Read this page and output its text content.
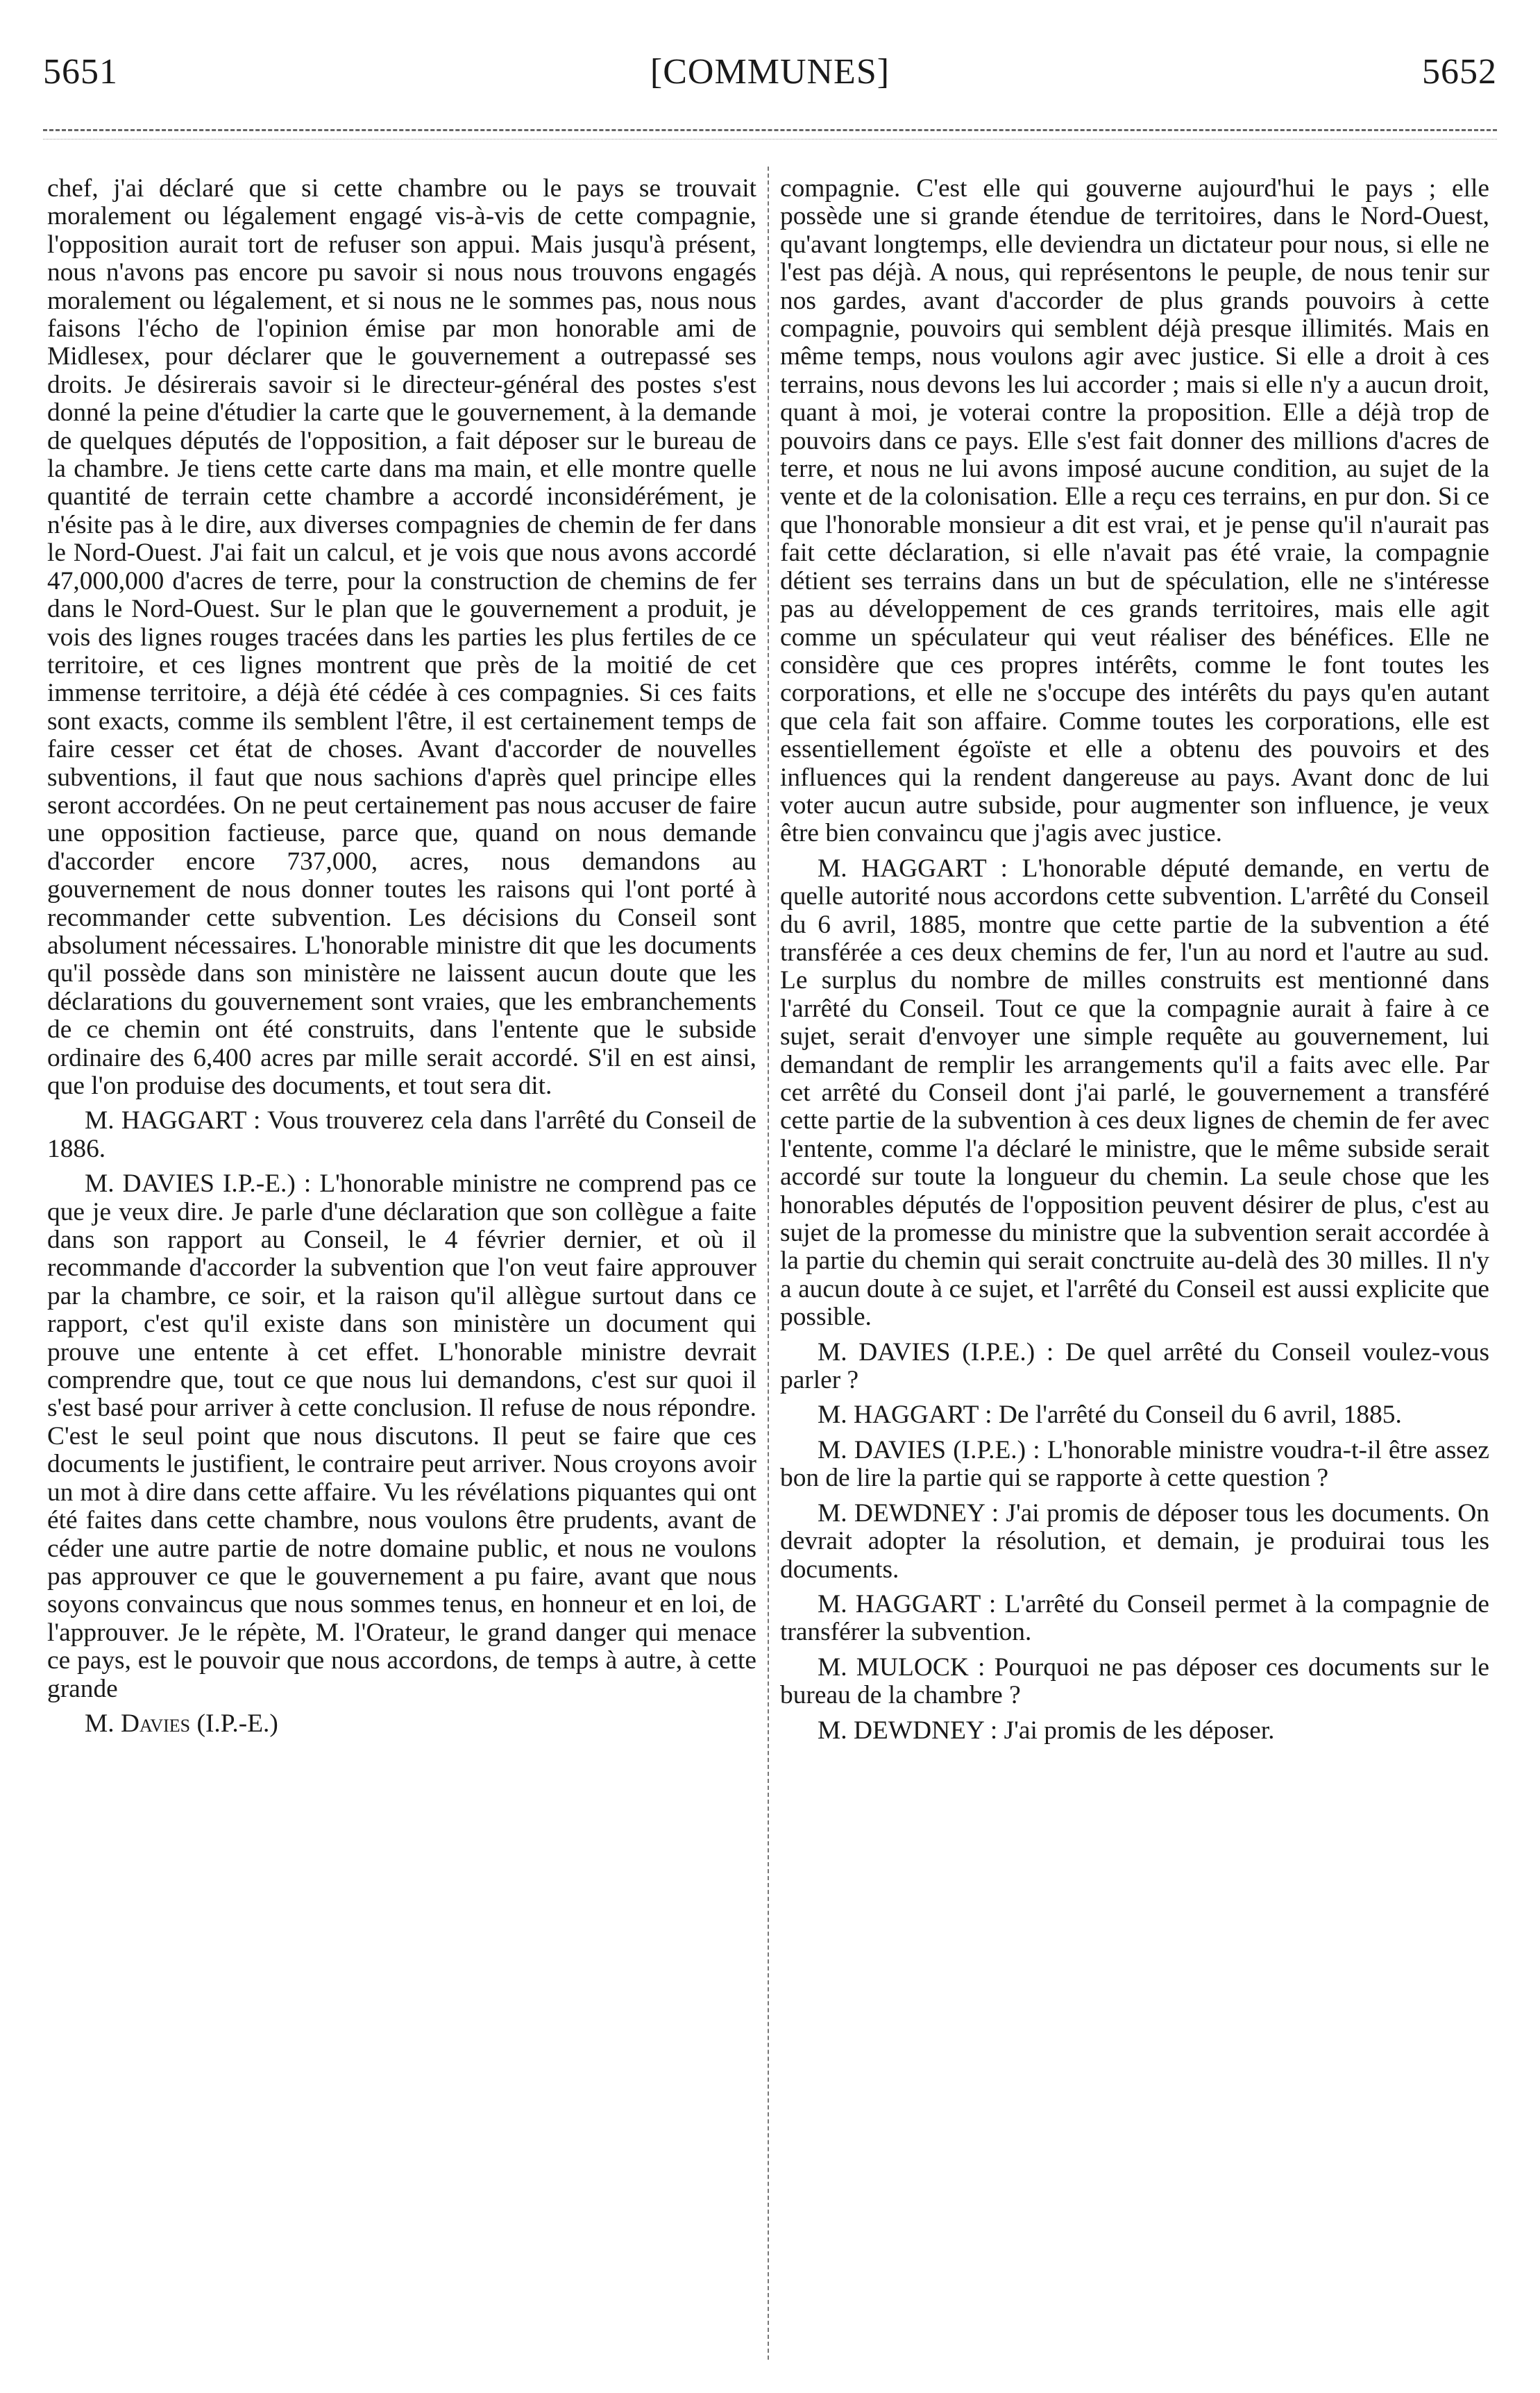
5651	[COMMUNES]	5652

chef, j'ai déclaré que si cette chambre ou le pays se trouvait moralement ou légalement engagé vis-à-vis de cette compagnie, l'opposition aurait tort de refuser son appui. Mais jusqu'à présent, nous n'avons pas encore pu savoir si nous nous trouvons engagés moralement ou légalement, et si nous ne le sommes pas, nous nous faisons l'écho de l'opinion émise par mon honorable ami de Midlesex, pour déclarer que le gouvernement a outrepassé ses droits. Je désirerais savoir si le directeur-général des postes s'est donné la peine d'étudier la carte que le gouvernement, à la demande de quelques députés de l'opposition, a fait déposer sur le bureau de la chambre. Je tiens cette carte dans ma main, et elle montre quelle quantité de terrain cette chambre a accordé inconsidérément, je n'ésite pas à le dire, aux diverses compagnies de chemin de fer dans le Nord-Ouest. J'ai fait un calcul, et je vois que nous avons accordé 47,000,000 d'acres de terre, pour la construction de chemins de fer dans le Nord-Ouest. Sur le plan que le gouvernement a produit, je vois des lignes rouges tracées dans les parties les plus fertiles de ce territoire, et ces lignes montrent que près de la moitié de cet immense territoire, a déjà été cédée à ces compagnies. Si ces faits sont exacts, comme ils semblent l'être, il est certainement temps de faire cesser cet état de choses. Avant d'accorder de nouvelles subventions, il faut que nous sachions d'après quel principe elles seront accordées. On ne peut certainement pas nous accuser de faire une opposition factieuse, parce que, quand on nous demande d'accorder encore 737,000, acres, nous demandons au gouvernement de nous donner toutes les raisons qui l'ont porté à recommander cette subvention. Les décisions du Conseil sont absolument nécessaires. L'honorable ministre dit que les documents qu'il possède dans son ministère ne laissent aucun doute que les déclarations du gouvernement sont vraies, que les embranchements de ce chemin ont été construits, dans l'entente que le subside ordinaire des 6,400 acres par mille serait accordé. S'il en est ainsi, que l'on produise des documents, et tout sera dit.

M. HAGGART : Vous trouverez cela dans l'arrêté du Conseil de 1886.

M. DAVIES I.P.-E.) : L'honorable ministre ne comprend pas ce que je veux dire. Je parle d'une déclaration que son collègue a faite dans son rapport au Conseil, le 4 février dernier, et où il recommande d'accorder la subvention que l'on veut faire approuver par la chambre, ce soir, et la raison qu'il allègue surtout dans ce rapport, c'est qu'il existe dans son ministère un document qui prouve une entente à cet effet. L'honorable ministre devrait comprendre que, tout ce que nous lui demandons, c'est sur quoi il s'est basé pour arriver à cette conclusion. Il refuse de nous répondre. C'est le seul point que nous discutons. Il peut se faire que ces documents le justifient, le contraire peut arriver. Nous croyons avoir un mot à dire dans cette affaire. Vu les révélations piquantes qui ont été faites dans cette chambre, nous voulons être prudents, avant de céder une autre partie de notre domaine public, et nous ne voulons pas approuver ce que le gouvernement a pu faire, avant que nous soyons convaincus que nous sommes tenus, en honneur et en loi, de l'approuver. Je le répète, M. l'Orateur, le grand danger qui menace ce pays, est le pouvoir que nous accordons, de temps à autre, à cette grande

M. Davies (I.P.-E.)

compagnie. C'est elle qui gouverne aujourd'hui le pays ; elle possède une si grande étendue de territoires, dans le Nord-Ouest, qu'avant longtemps, elle deviendra un dictateur pour nous, si elle ne l'est pas déjà. A nous, qui représentons le peuple, de nous tenir sur nos gardes, avant d'accorder de plus grands pouvoirs à cette compagnie, pouvoirs qui semblent déjà presque illimités. Mais en même temps, nous voulons agir avec justice. Si elle a droit à ces terrains, nous devons les lui accorder ; mais si elle n'y a aucun droit, quant à moi, je voterai contre la proposition. Elle a déjà trop de pouvoirs dans ce pays. Elle s'est fait donner des millions d'acres de terre, et nous ne lui avons imposé aucune condition, au sujet de la vente et de la colonisation. Elle a reçu ces terrains, en pur don. Si ce que l'honorable monsieur a dit est vrai, et je pense qu'il n'aurait pas fait cette déclaration, si elle n'avait pas été vraie, la compagnie détient ses terrains dans un but de spéculation, elle ne s'intéresse pas au développement de ces grands territoires, mais elle agit comme un spéculateur qui veut réaliser des bénéfices. Elle ne considère que ces propres intérêts, comme le font toutes les corporations, et elle ne s'occupe des intérêts du pays qu'en autant que cela fait son affaire. Comme toutes les corporations, elle est essentiellement égoïste et elle a obtenu des pouvoirs et des influences qui la rendent dangereuse au pays. Avant donc de lui voter aucun autre subside, pour augmenter son influence, je veux être bien convaincu que j'agis avec justice.

M. HAGGART : L'honorable député demande, en vertu de quelle autorité nous accordons cette subvention. L'arrêté du Conseil du 6 avril, 1885, montre que cette partie de la subvention a été transférée a ces deux chemins de fer, l'un au nord et l'autre au sud. Le surplus du nombre de milles construits est mentionné dans l'arrêté du Conseil. Tout ce que la compagnie aurait à faire à ce sujet, serait d'envoyer une simple requête au gouvernement, lui demandant de remplir les arrangements qu'il a faits avec elle. Par cet arrêté du Conseil dont j'ai parlé, le gouvernement a transféré cette partie de la subvention à ces deux lignes de chemin de fer avec l'entente, comme l'a déclaré le ministre, que le même subside serait accordé sur toute la longueur du chemin. La seule chose que les honorables députés de l'opposition peuvent désirer de plus, c'est au sujet de la promesse du ministre que la subvention serait accordée à la partie du chemin qui serait conctruite au-delà des 30 milles. Il n'y a aucun doute à ce sujet, et l'arrêté du Conseil est aussi explicite que possible.

M. DAVIES (I.P.E.) : De quel arrêté du Conseil voulez-vous parler ?

M. HAGGART : De l'arrêté du Conseil du 6 avril, 1885.

M. DAVIES (I.P.E.) : L'honorable ministre voudra-t-il être assez bon de lire la partie qui se rapporte à cette question ?

M. DEWDNEY : J'ai promis de déposer tous les documents. On devrait adopter la résolution, et demain, je produirai tous les documents.

M. HAGGART : L'arrêté du Conseil permet à la compagnie de transférer la subvention.

M. MULOCK : Pourquoi ne pas déposer ces documents sur le bureau de la chambre ?

M. DEWDNEY : J'ai promis de les déposer.
